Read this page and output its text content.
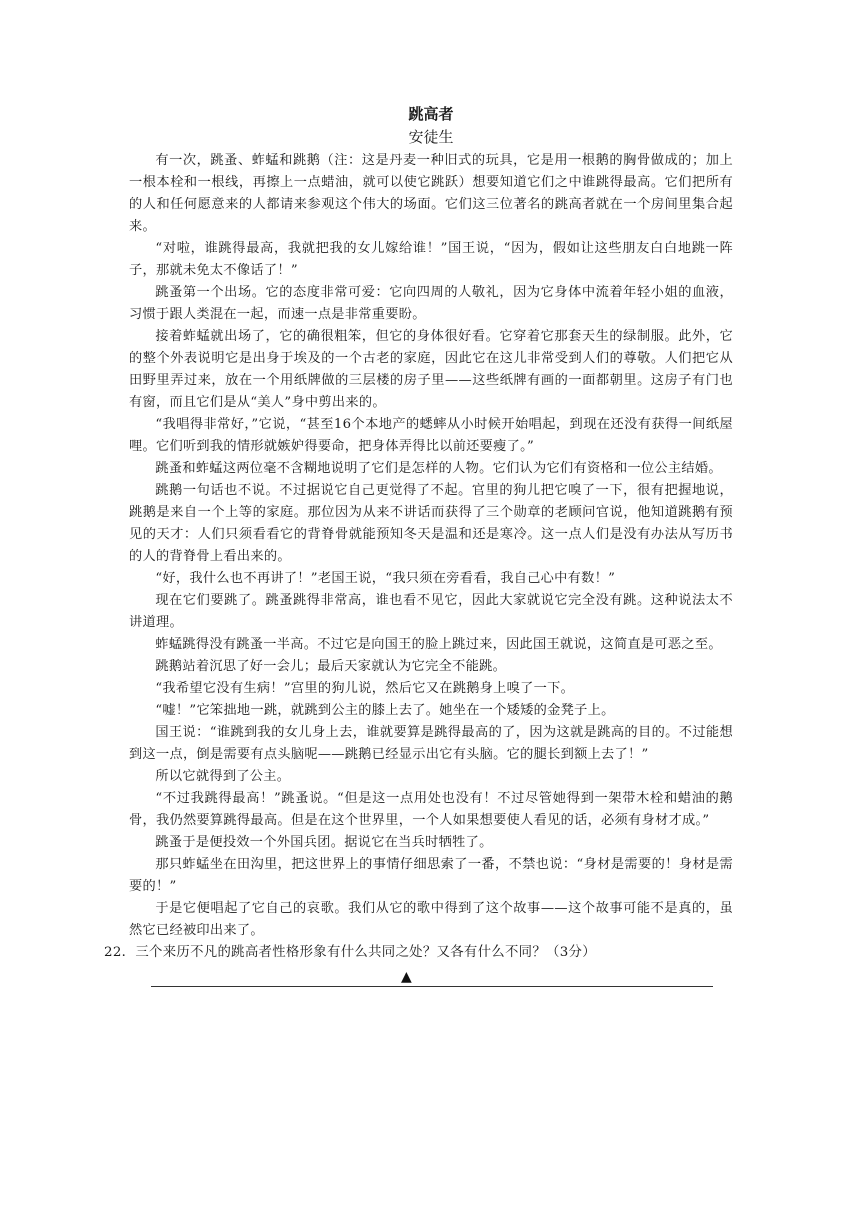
跳高者
安徒生

有一次，跳蚤、蚱蜢和跳鹅（注：这是丹麦一种旧式的玩具，它是用一根鹅的胸骨做成的；加上一根本栓和一根线，再擦上一点蜡油，就可以使它跳跃）想要知道它们之中谁跳得最高。它们把所有的人和任何愿意来的人都请来参观这个伟大的场面。它们这三位著名的跳高者就在一个房间里集合起来。

“对啦，谁跳得最高，我就把我的女儿嫁给谁！”国王说，“因为，假如让这些朋友白白地跳一阵子，那就未免太不像话了！”

跳蚤第一个出场。它的态度非常可爱：它向四周的人敬礼，因为它身体中流着年轻小姐的血液，习惯于跟人类混在一起，而速一点是非常重要盼。

接着蚱蜢就出场了，它的确很粗笨，但它的身体很好看。它穿着它那套天生的绿制服。此外，它的整个外表说明它是出身于埃及的一个古老的家庭，因此它在这儿非常受到人们的尊敬。人们把它从田野里弄过来，放在一个用纸牌做的三层楼的房子里——这些纸牌有画的一面都朝里。这房子有门也有窗，而且它们是从“美人”身中剪出来的。

“我唱得非常好，”它说，“甚至16个本地产的蟋蟀从小时候开始唱起，到现在还没有获得一间纸屋哩。它们听到我的情形就嫉妒得要命，把身体弄得比以前还要瘦了。”

跳蚤和蚱蜢这两位毫不含糊地说明了它们是怎样的人物。它们认为它们有资格和一位公主结婚。

跳鹅一句话也不说。不过据说它自己更觉得了不起。官里的狗儿把它嗅了一下，很有把握地说，跳鹅是来自一个上等的家庭。那位因为从来不讲话而获得了三个勋章的老顾问官说，他知道跳鹅有预见的天才：人们只须看看它的背脊骨就能预知冬天是温和还是寒冷。这一点人们是没有办法从写历书的人的背脊骨上看出来的。

“好，我什么也不再讲了！”老国王说，“我只须在旁看看，我自己心中有数！”

现在它们要跳了。跳蚤跳得非常高，谁也看不见它，因此大家就说它完全没有跳。这种说法太不讲道理。

蚱蜢跳得没有跳蚤一半高。不过它是向国王的脸上跳过来，因此国王就说，这简直是可恶之至。

跳鹅站着沉思了好一会儿；最后天家就认为它完全不能跳。

“我希望它没有生病！”宫里的狗儿说，然后它又在跳鹅身上嗅了一下。

“嘘！”它笨拙地一跳，就跳到公主的膝上去了。她坐在一个矮矮的金凳子上。

国王说：“谁跳到我的女儿身上去，谁就要算是跳得最高的了，因为这就是跳高的目的。不过能想到这一点，倒是需要有点头脑呢——跳鹅已经显示出它有头脑。它的腿长到额上去了！”

所以它就得到了公主。

“不过我跳得最高！”跳蚤说。“但是这一点用处也没有！不过尽管她得到一架带木栓和蜡油的鹅骨，我仍然要算跳得最高。但是在这个世界里，一个人如果想要使人看见的话，必须有身材才成。”

跳蚤于是便投效一个外国兵团。据说它在当兵时牺牲了。

那只蚱蜢坐在田沟里，把这世界上的事情仔细思索了一番，不禁也说：“身材是需要的！身材是需要的！”

于是它便唱起了它自己的哀歌。我们从它的歌中得到了这个故事——这个故事可能不是真的，虽然它已经被印出来了。

22．三个来历不凡的跳高者性格形象有什么共同之处？又各有什么不同？（3分）

▲
